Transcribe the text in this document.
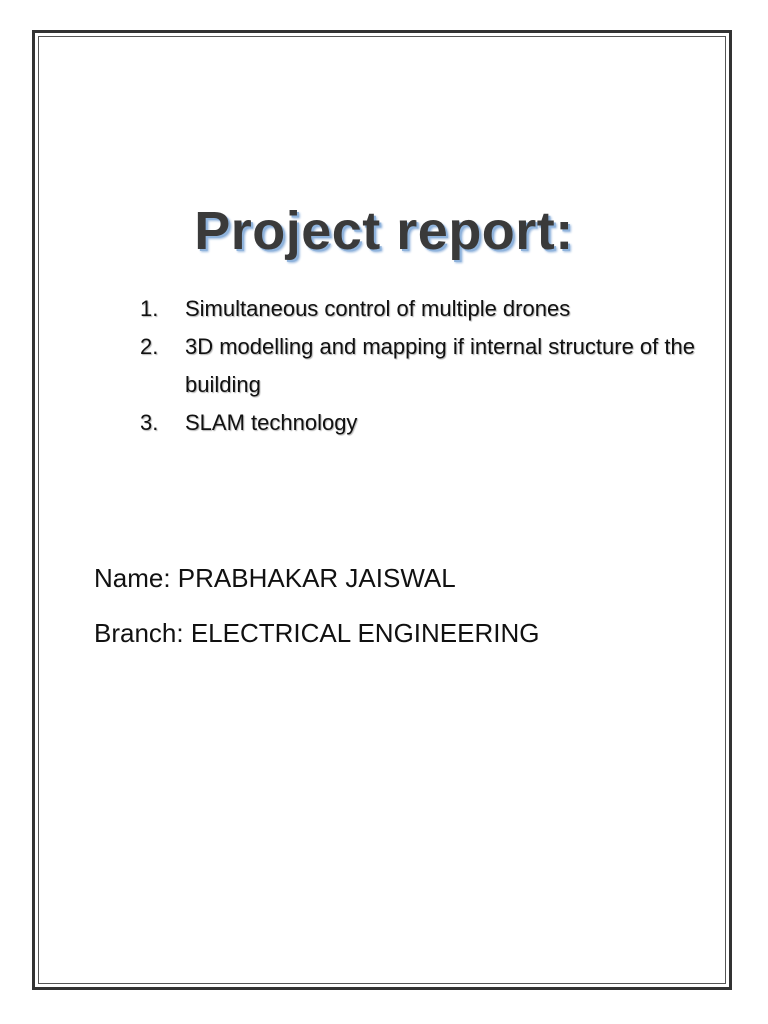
Project report:
1.	Simultaneous control of multiple drones
2.	3D modelling and mapping if internal structure of the building
3.	SLAM technology
Name: PRABHAKAR JAISWAL
Branch: ELECTRICAL ENGINEERING
